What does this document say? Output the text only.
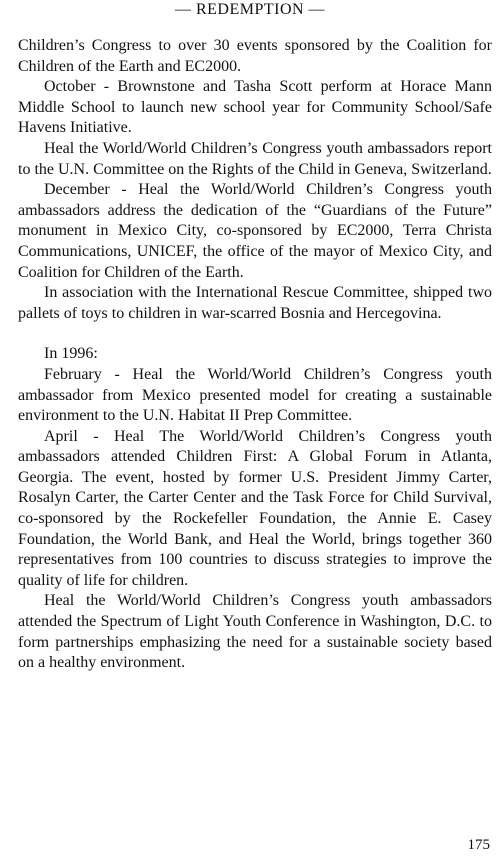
— REDEMPTION —

Children’s Congress to over 30 events sponsored by the Coalition for Children of the Earth and EC2000.

October - Brownstone and Tasha Scott perform at Horace Mann Middle School to launch new school year for Community School/Safe Havens Initiative.

Heal the World/World Children’s Congress youth ambassadors report to the U.N. Committee on the Rights of the Child in Geneva, Switzerland.

December - Heal the World/World Children’s Congress youth ambassadors address the dedication of the “Guardians of the Future” monument in Mexico City, co-sponsored by EC2000, Terra Christa Communications, UNICEF, the office of the mayor of Mexico City, and Coalition for Children of the Earth.

In association with the International Rescue Committee, shipped two pallets of toys to children in war-scarred Bosnia and Hercegovina.

In 1996:

February - Heal the World/World Children’s Congress youth ambassador from Mexico presented model for creating a sustainable environment to the U.N. Habitat II Prep Committee.

April - Heal The World/World Children’s Congress youth ambassadors attended Children First: A Global Forum in Atlanta, Georgia. The event, hosted by former U.S. President Jimmy Carter, Rosalyn Carter, the Carter Center and the Task Force for Child Survival, co-sponsored by the Rockefeller Foundation, the Annie E. Casey Foundation, the World Bank, and Heal the World, brings together 360 representatives from 100 countries to discuss strategies to improve the quality of life for children.

Heal the World/World Children’s Congress youth ambassadors attended the Spectrum of Light Youth Conference in Washington, D.C. to form partnerships emphasizing the need for a sustainable society based on a healthy environment.

175
